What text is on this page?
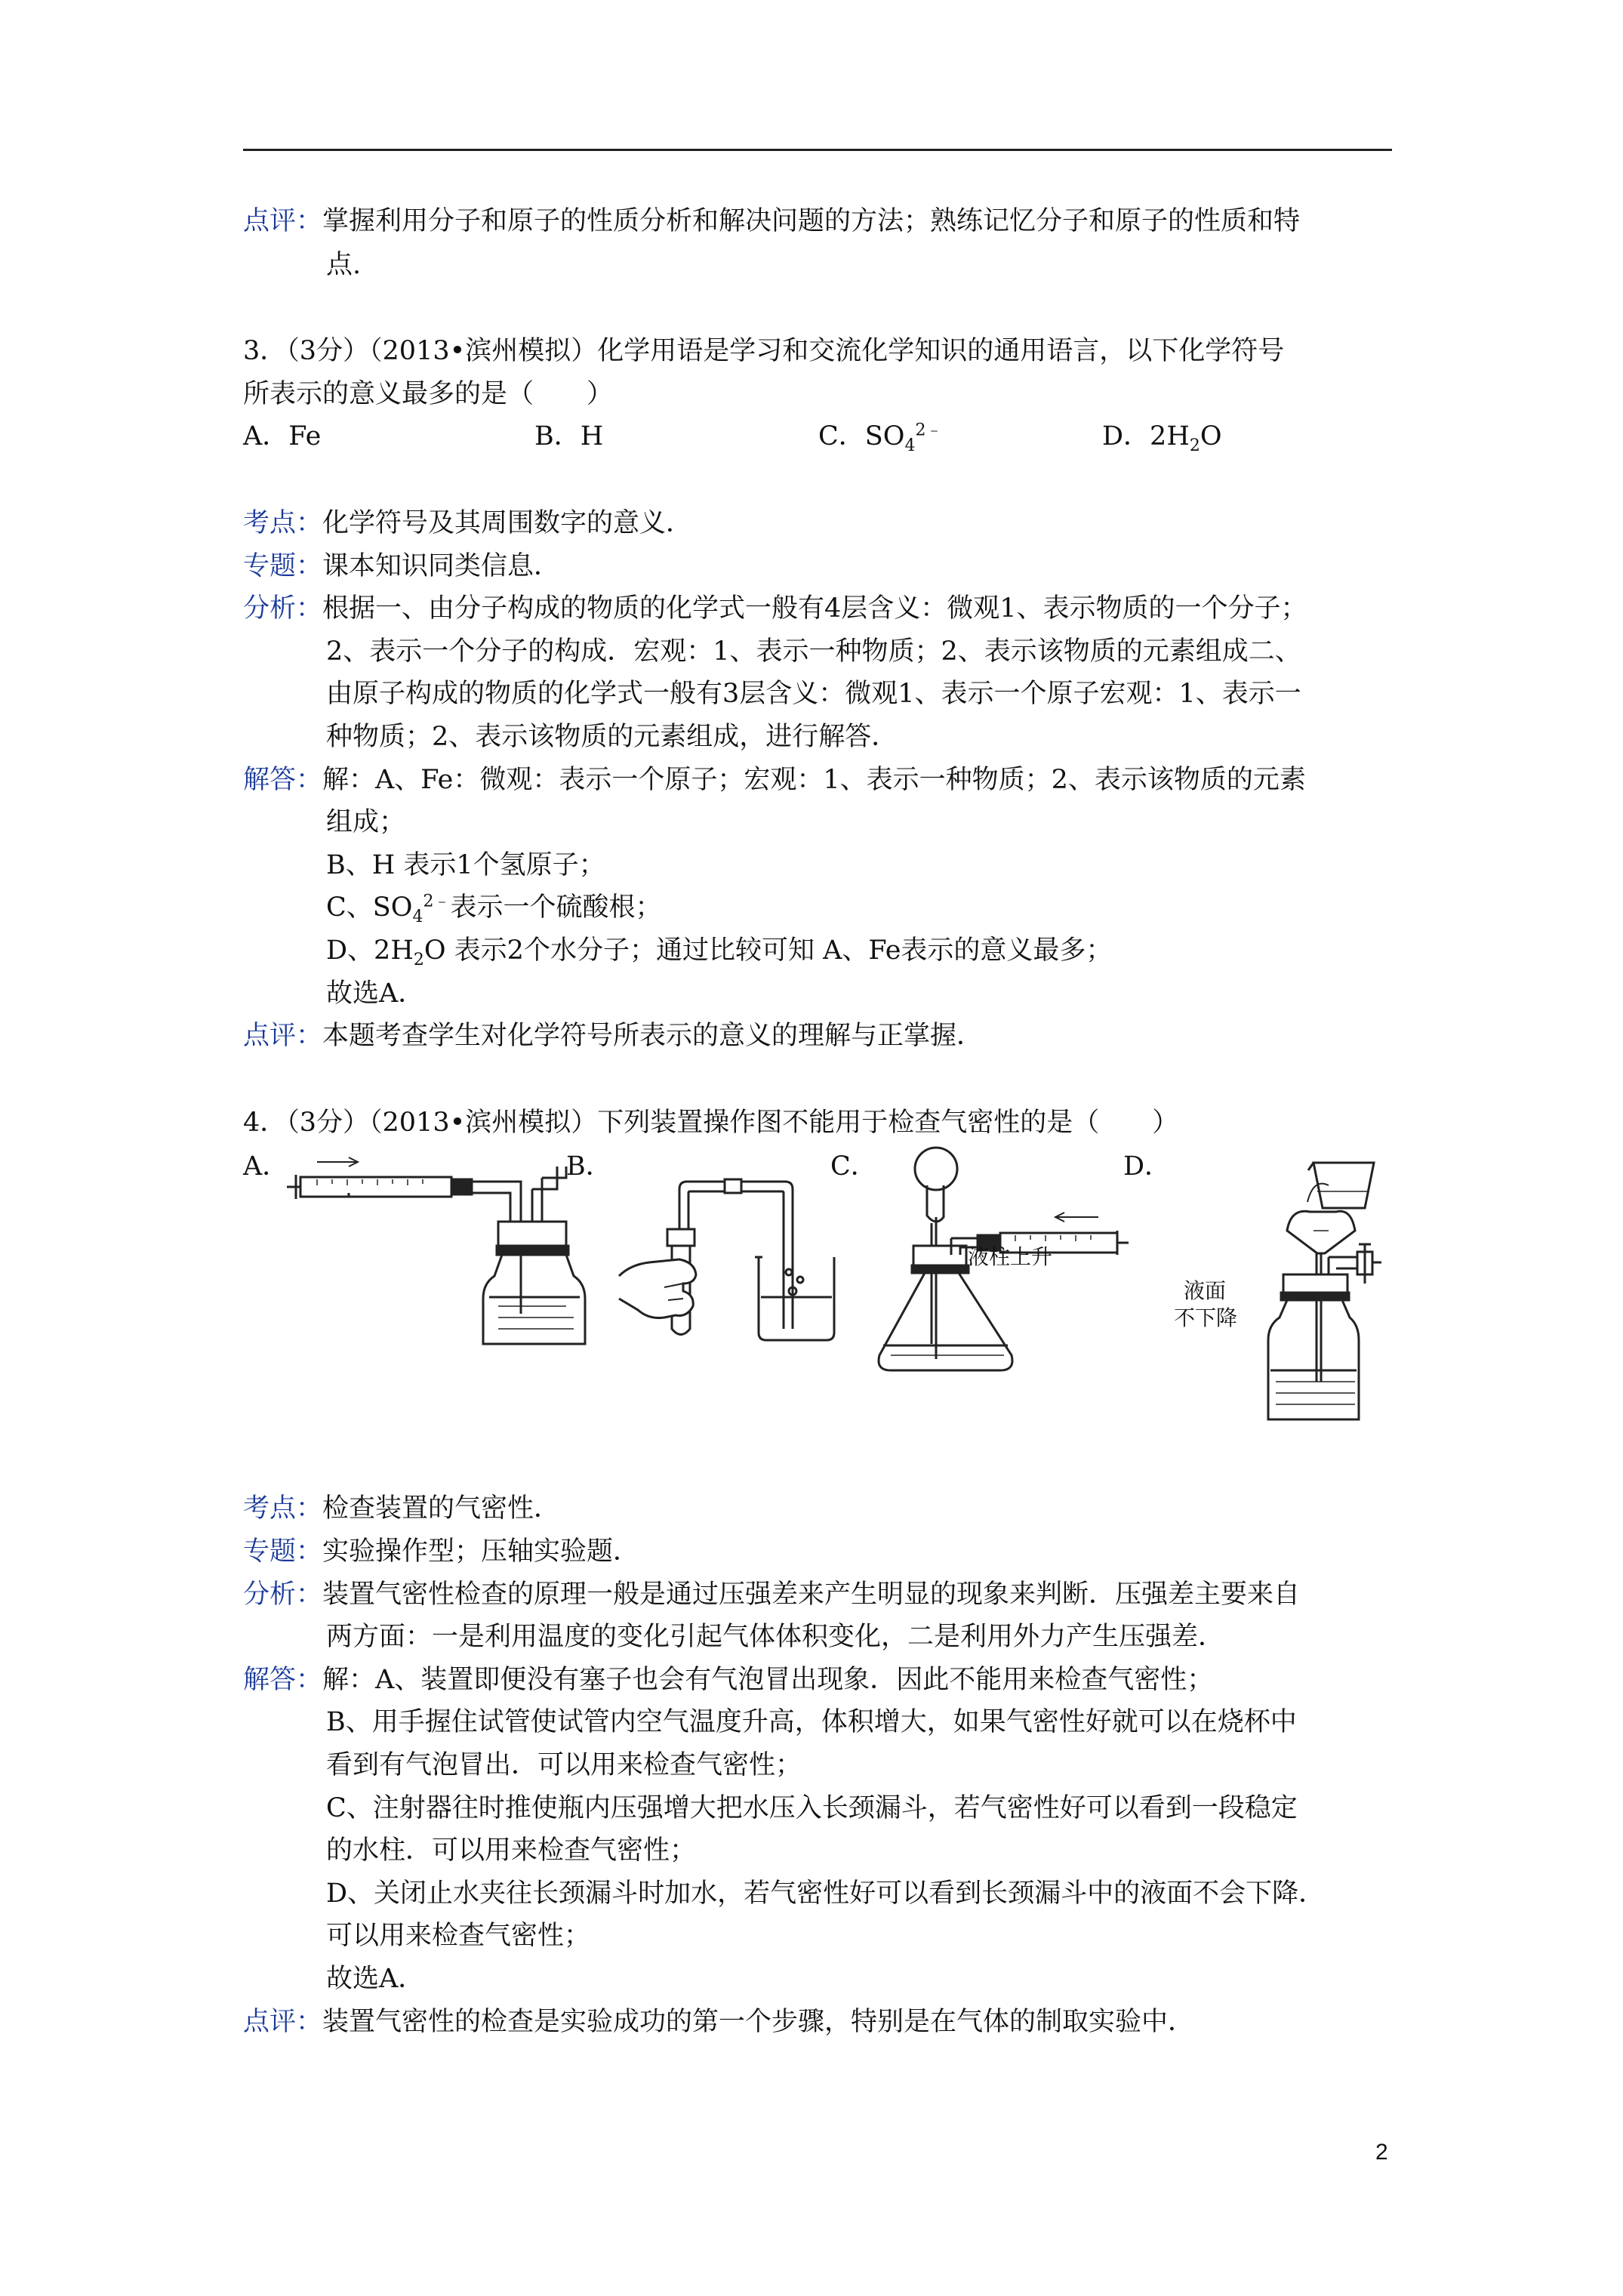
点评：掌握利用分子和原子的性质分析和解决问题的方法；熟练记忆分子和原子的性质和特
点.
3．（3分）（2013•滨州模拟）化学用语是学习和交流化学知识的通用语言，以下化学符号
所表示的意义最多的是（　　）
A．Fe	B．H	C．$SO_4^{2﹣}$	D．$2H_2O$
考点：化学符号及其周围数字的意义．
专题：课本知识同类信息．
分析：根据一、由分子构成的物质的化学式一般有4层含义：微观1、表示物质的一个分子；
2、表示一个分子的构成．宏观：1、表示一种物质；2、表示该物质的元素组成二、
由原子构成的物质的化学式一般有3层含义：微观1、表示一个原子宏观：1、表示一
种物质；2、表示该物质的元素组成，进行解答．
解答：解：A、Fe：微观：表示一个原子；宏观：1、表示一种物质；2、表示该物质的元素
组成；
B、H 表示1个氢原子；
C、$SO_4^{2﹣}$表示一个硫酸根；
D、$2H_2O$ 表示2个水分子；通过比较可知 A、Fe表示的意义最多；
故选A．
点评：本题考查学生对化学符号所表示的意义的理解与正掌握．
4．（3分）（2013•滨州模拟）下列装置操作图不能用于检查气密性的是（　　）
A．	B．	C．	D．
液柱上升
液面
不下降
考点：检查装置的气密性．
专题：实验操作型；压轴实验题．
分析：装置气密性检查的原理一般是通过压强差来产生明显的现象来判断．压强差主要来自
两方面：一是利用温度的变化引起气体体积变化，二是利用外力产生压强差．
解答：解：A、装置即便没有塞子也会有气泡冒出现象．因此不能用来检查气密性；
B、用手握住试管使试管内空气温度升高，体积增大，如果气密性好就可以在烧杯中
看到有气泡冒出．可以用来检查气密性；
C、注射器往时推使瓶内压强增大把水压入长颈漏斗，若气密性好可以看到一段稳定
的水柱．可以用来检查气密性；
D、关闭止水夹往长颈漏斗时加水，若气密性好可以看到长颈漏斗中的液面不会下降．
可以用来检查气密性；
故选A．
点评：装置气密性的检查是实验成功的第一个步骤，特别是在气体的制取实验中．
2
